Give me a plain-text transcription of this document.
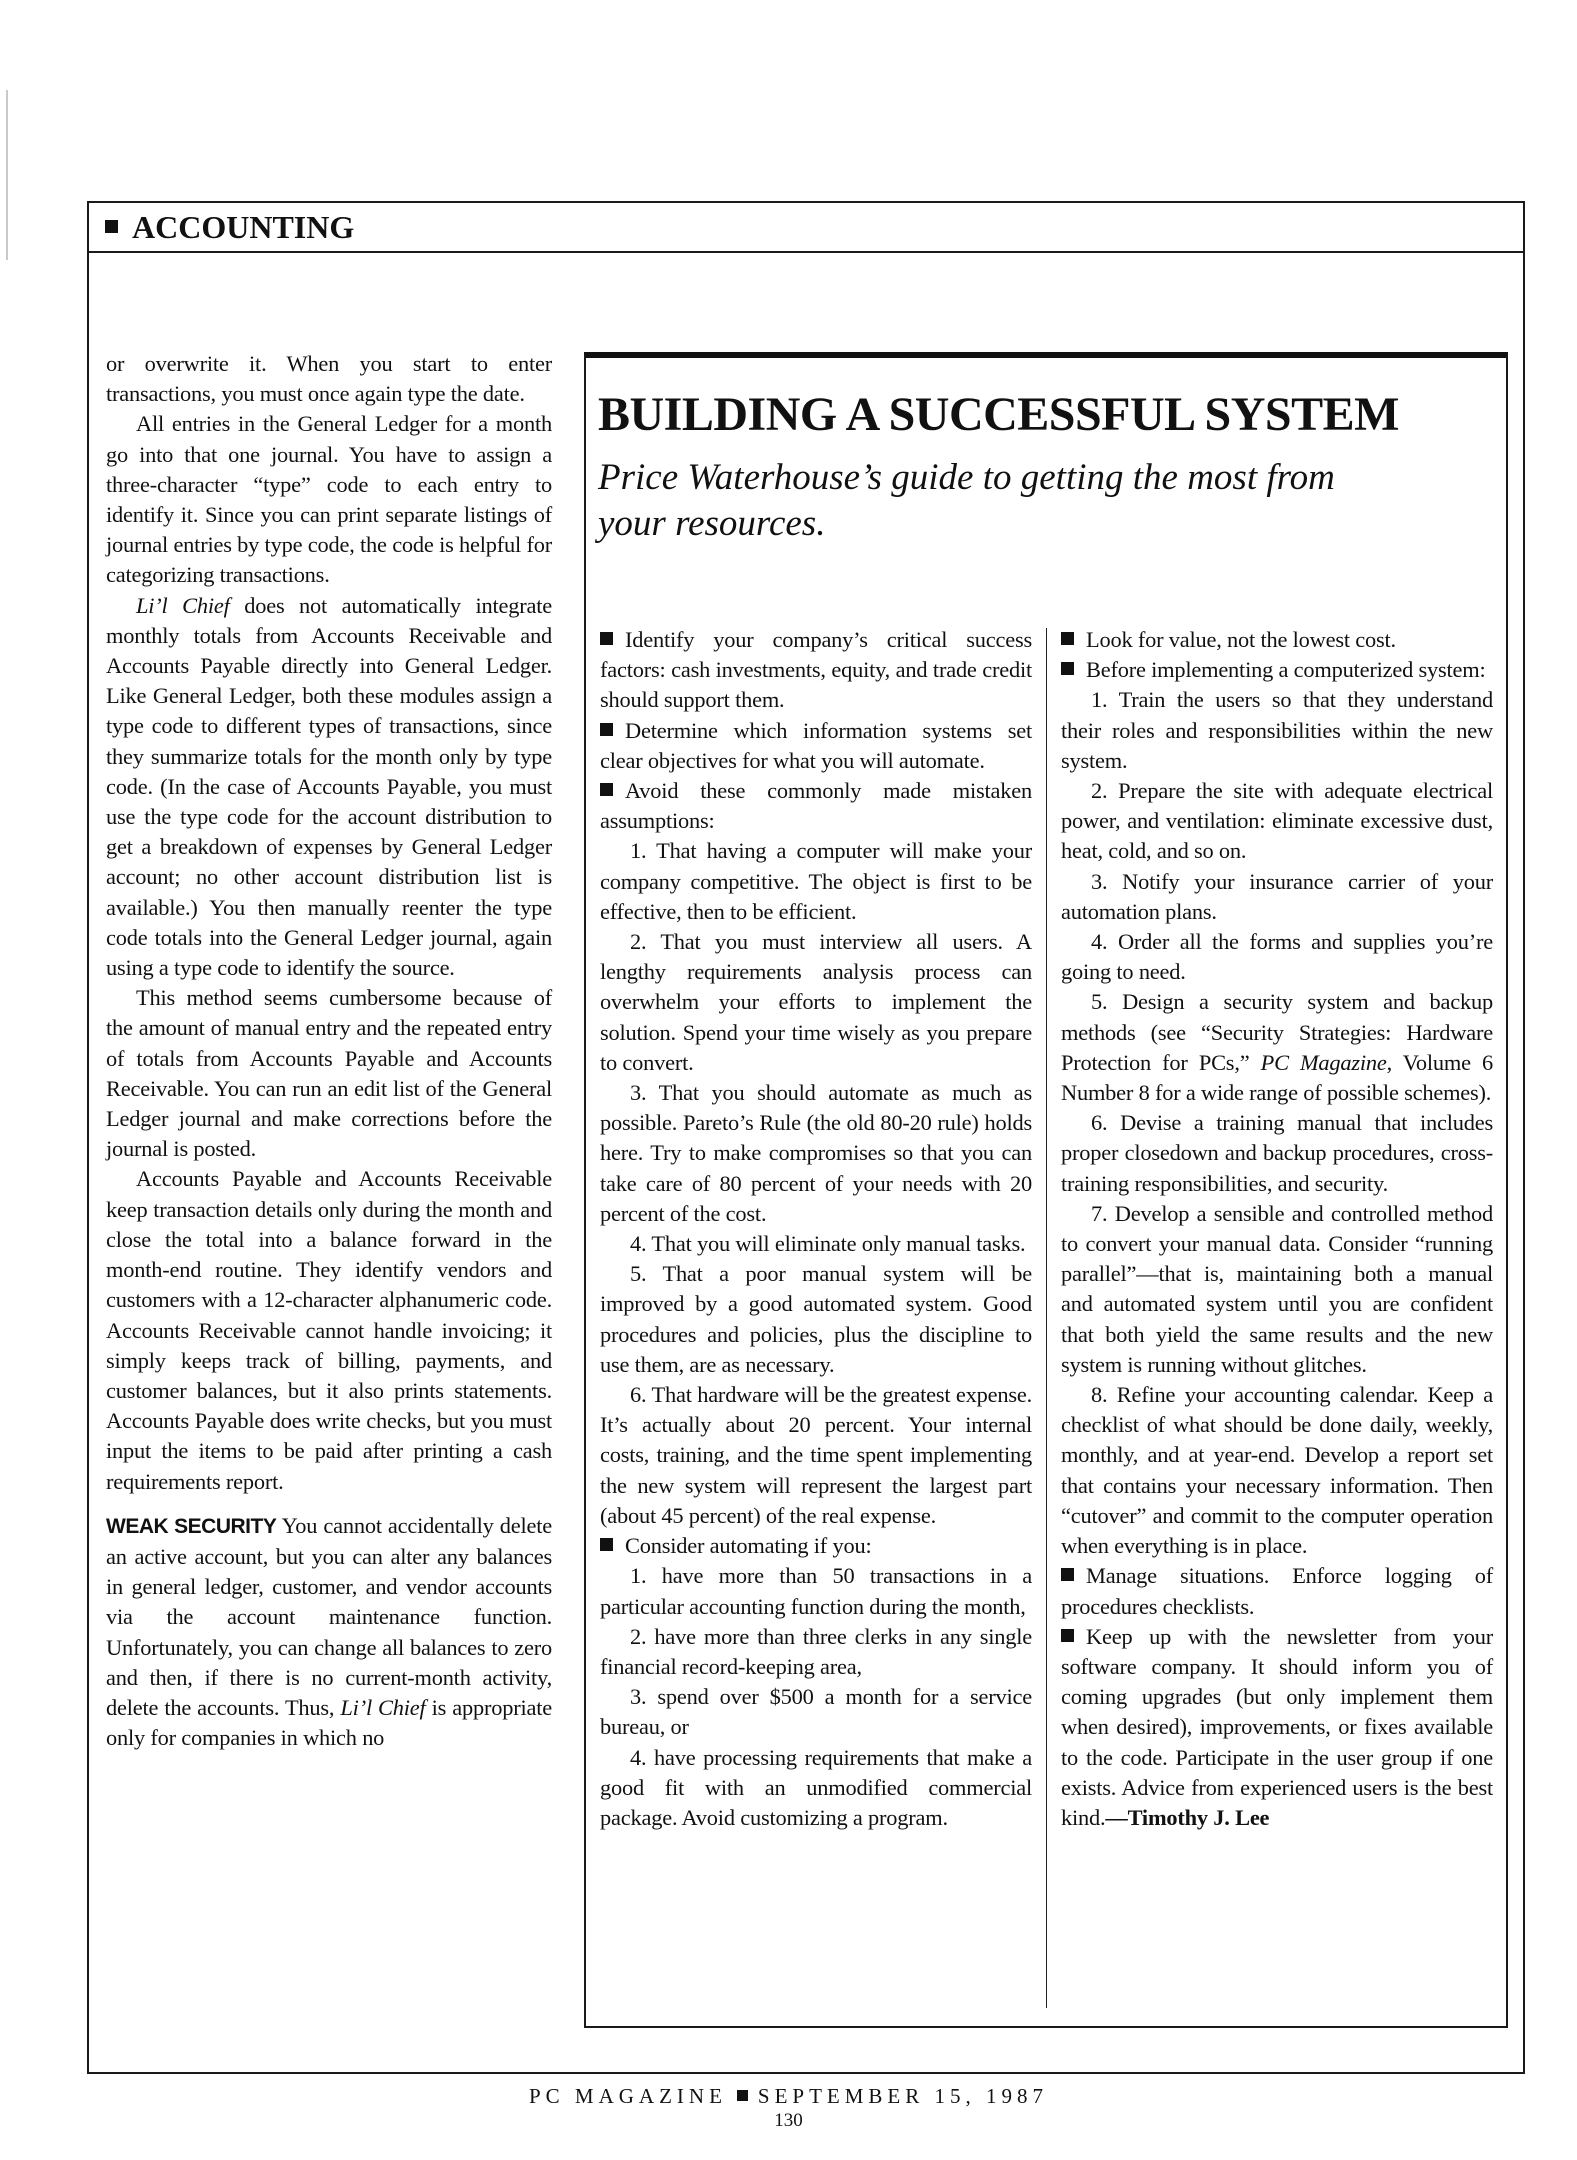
ACCOUNTING

or overwrite it. When you start to enter transactions, you must once again type the date.

All entries in the General Ledger for a month go into that one journal. You have to assign a three-character “type” code to each entry to identify it. Since you can print separate listings of journal entries by type code, the code is helpful for categorizing transactions.

Li’l Chief does not automatically integrate monthly totals from Accounts Receivable and Accounts Payable directly into General Ledger. Like General Ledger, both these modules assign a type code to different types of transactions, since they summarize totals for the month only by type code. (In the case of Accounts Payable, you must use the type code for the account distribution to get a breakdown of expenses by General Ledger account; no other account distribution list is available.) You then manually reenter the type code totals into the General Ledger journal, again using a type code to identify the source.

This method seems cumbersome because of the amount of manual entry and the repeated entry of totals from Accounts Payable and Accounts Receivable. You can run an edit list of the General Ledger journal and make corrections before the journal is posted.

Accounts Payable and Accounts Receivable keep transaction details only during the month and close the total into a balance forward in the month-end routine. They identify vendors and customers with a 12-character alphanumeric code. Accounts Receivable cannot handle invoicing; it simply keeps track of billing, payments, and customer balances, but it also prints statements. Accounts Payable does write checks, but you must input the items to be paid after printing a cash requirements report.

WEAK SECURITY You cannot accidentally delete an active account, but you can alter any balances in general ledger, customer, and vendor accounts via the account maintenance function. Unfortunately, you can change all balances to zero and then, if there is no current-month activity, delete the accounts. Thus, Li’l Chief is appropriate only for companies in which no

BUILDING A SUCCESSFUL SYSTEM

Price Waterhouse’s guide to getting the most from your resources.

Identify your company’s critical success factors: cash investments, equity, and trade credit should support them.

Determine which information systems set clear objectives for what you will automate.

Avoid these commonly made mistaken assumptions:

1. That having a computer will make your company competitive. The object is first to be effective, then to be efficient.

2. That you must interview all users. A lengthy requirements analysis process can overwhelm your efforts to implement the solution. Spend your time wisely as you prepare to convert.

3. That you should automate as much as possible. Pareto’s Rule (the old 80-20 rule) holds here. Try to make compromises so that you can take care of 80 percent of your needs with 20 percent of the cost.

4. That you will eliminate only manual tasks.

5. That a poor manual system will be improved by a good automated system. Good procedures and policies, plus the discipline to use them, are as necessary.

6. That hardware will be the greatest expense. It’s actually about 20 percent. Your internal costs, training, and the time spent implementing the new system will represent the largest part (about 45 percent) of the real expense.

Consider automating if you:

1. have more than 50 transactions in a particular accounting function during the month,

2. have more than three clerks in any single financial record-keeping area,

3. spend over $500 a month for a service bureau, or

4. have processing requirements that make a good fit with an unmodified commercial package. Avoid customizing a program.

Look for value, not the lowest cost.

Before implementing a computerized system:

1. Train the users so that they understand their roles and responsibilities within the new system.

2. Prepare the site with adequate electrical power, and ventilation: eliminate excessive dust, heat, cold, and so on.

3. Notify your insurance carrier of your automation plans.

4. Order all the forms and supplies you’re going to need.

5. Design a security system and backup methods (see “Security Strategies: Hardware Protection for PCs,” PC Magazine, Volume 6 Number 8 for a wide range of possible schemes).

6. Devise a training manual that includes proper closedown and backup procedures, cross-training responsibilities, and security.

7. Develop a sensible and controlled method to convert your manual data. Consider “running parallel”—that is, maintaining both a manual and automated system until you are confident that both yield the same results and the new system is running without glitches.

8. Refine your accounting calendar. Keep a checklist of what should be done daily, weekly, monthly, and at year-end. Develop a report set that contains your necessary information. Then “cutover” and commit to the computer operation when everything is in place.

Manage situations. Enforce logging of procedures checklists.

Keep up with the newsletter from your software company. It should inform you of coming upgrades (but only implement them when desired), improvements, or fixes available to the code. Participate in the user group if one exists. Advice from experienced users is the best kind.—Timothy J. Lee

PC MAGAZINE SEPTEMBER 15, 1987
130
